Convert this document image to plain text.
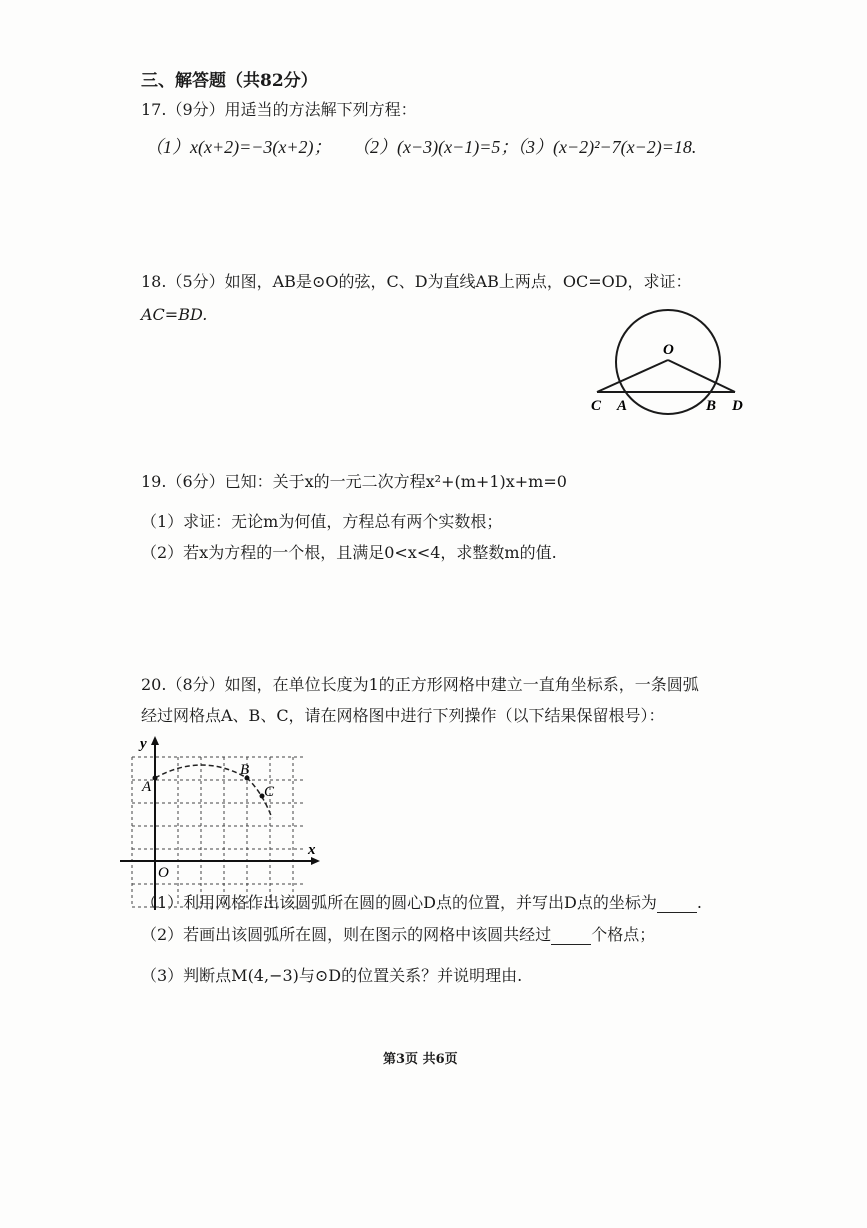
三、解答题（共82分）
17.（9分）用适当的方法解下列方程：
（1）x(x+2)=−3(x+2)； （2）(x−3)(x−1)=5；
（3）(x−2)²−7(x−2)=18.
18.（5分）如图，AB是⊙O的弦，C、D为直线AB上两点，OC=OD，求证：
AC=BD.
O
C A	B D
19.（6分）已知：关于x的一元二次方程x²+(m+1)x+m=0
（1）求证：无论m为何值，方程总有两个实数根；
（2）若x为方程的一个根，且满足0<x<4，求整数m的值.
20.（8分）如图，在单位长度为1的正方形网格中建立一直角坐标系，一条圆弧
经过网格点A、B、C，请在网格图中进行下列操作（以下结果保留根号）：
y
x
O
A
B
C
（1）利用网格作出该圆弧所在圆的圆心D点的位置，并写出D点的坐标为	.
（2）若画出该圆弧所在圆，则在图示的网格中该圆共经过	个格点；
（3）判断点M(4,−3)与⊙D的位置关系？并说明理由.
第3页 共6页
